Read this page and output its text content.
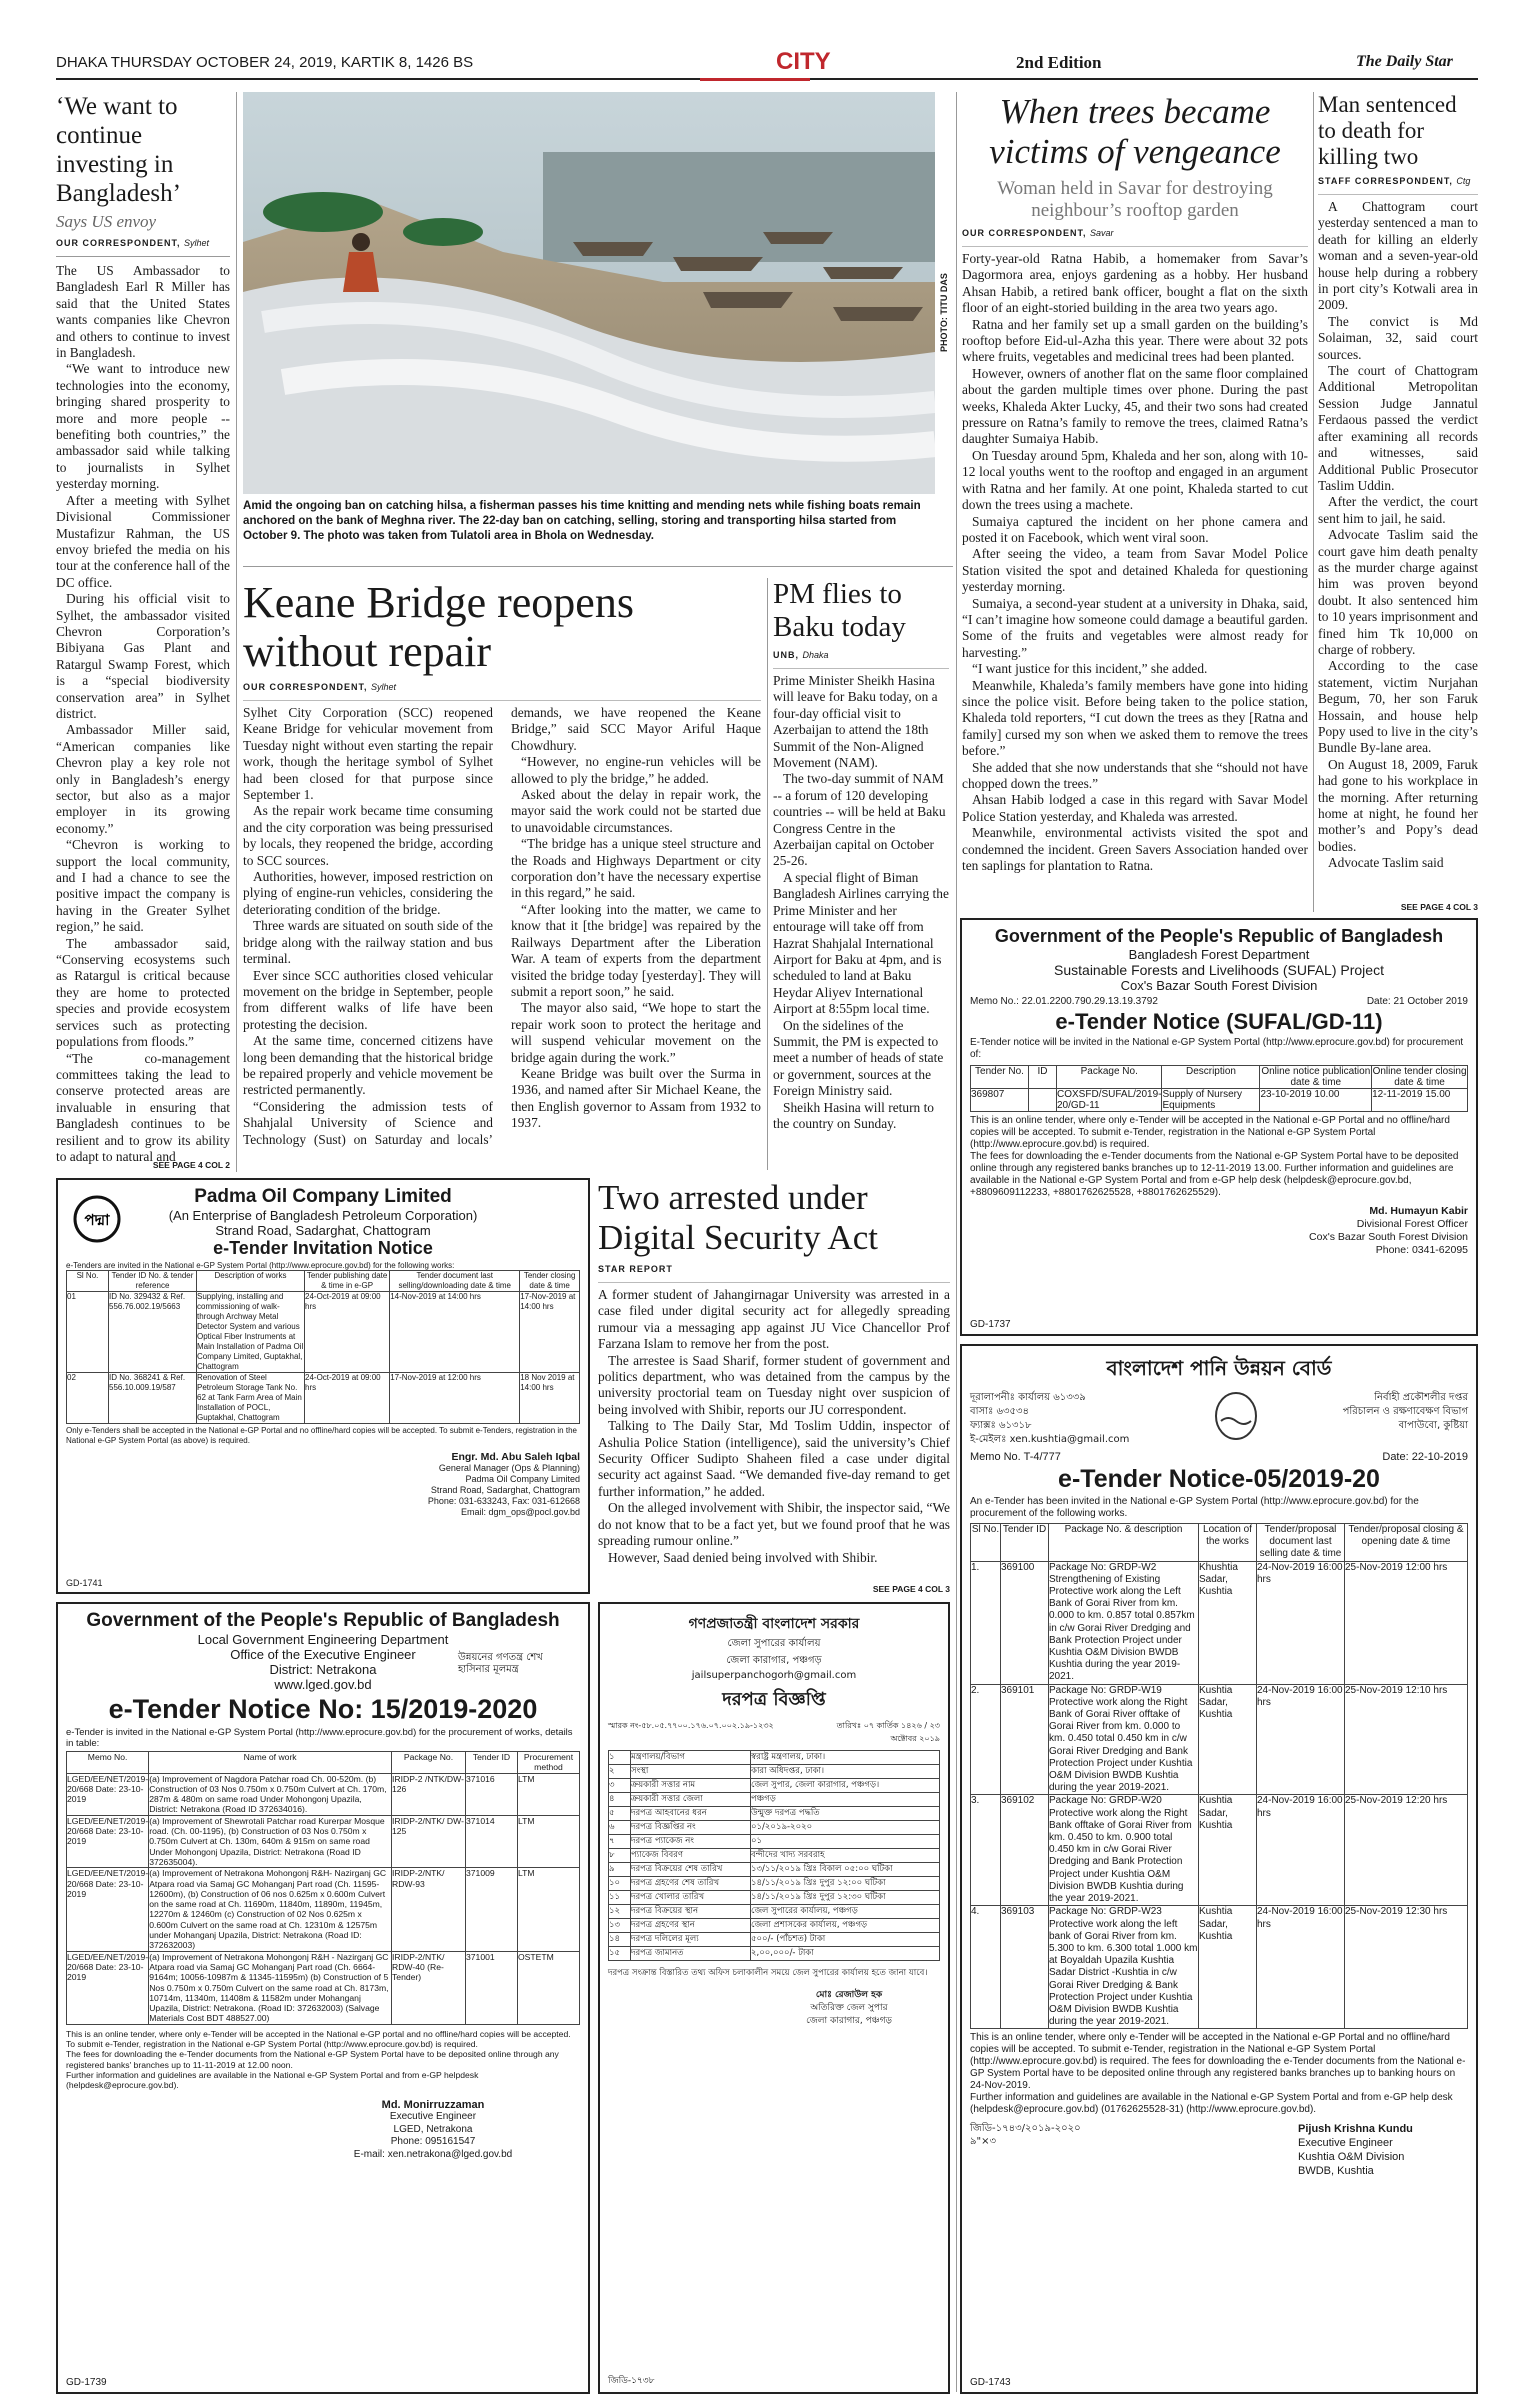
DHAKA THURSDAY OCTOBER 24, 2019, KARTIK 8, 1426 BS	CITY	2nd Edition	The Daily Star
‘We want to continue investing in Bangladesh’
Says US envoy
OUR CORRESPONDENT, Sylhet

The US Ambassador to Bangladesh Earl R Miller has said that the United States wants companies like Chevron and others to continue to invest in Bangladesh.

“We want to introduce new technologies into the economy, bringing shared prosperity to more and more people -- benefiting both countries,” the ambassador said while talking to journalists in Sylhet yesterday morning.

After a meeting with Sylhet Divisional Commissioner Mustafizur Rahman, the US envoy briefed the media on his tour at the conference hall of the DC office.

During his official visit to Sylhet, the ambassador visited Chevron Corporation’s Bibiyana Gas Plant and Ratargul Swamp Forest, which is a “special biodiversity conservation area” in Sylhet district.

Ambassador Miller said, “American companies like Chevron play a key role not only in Bangladesh’s energy sector, but also as a major employer in its growing economy.”

“Chevron is working to support the local community, and I had a chance to see the positive impact the company is having in the Greater Sylhet region,” he said.

The ambassador said, “Conserving ecosystems such as Ratargul is critical because they are home to protected species and provide ecosystem services such as protecting populations from floods.”

“The co-management committees taking the lead to conserve protected areas are invaluable in ensuring that Bangladesh continues to be resilient and to grow its ability to adapt to natural and

SEE PAGE 4 COL 2
PHOTO: TITU DAS
Amid the ongoing ban on catching hilsa, a fisherman passes his time knitting and mending nets while fishing boats remain anchored on the bank of Meghna river. The 22-day ban on catching, selling, storing and transporting hilsa started from October 9. The photo was taken from Tulatoli area in Bhola on Wednesday.
Keane Bridge reopens without repair
OUR CORRESPONDENT, Sylhet

Sylhet City Corporation (SCC) reopened Keane Bridge for vehicular movement from Tuesday night without even starting the repair work, though the heritage symbol of Sylhet had been closed for that purpose since September 1.

As the repair work became time consuming and the city corporation was being pressurised by locals, they reopened the bridge, according to SCC sources.

Authorities, however, imposed restriction on plying of engine-run vehicles, considering the deteriorating condition of the bridge.

Three wards are situated on south side of the bridge along with the railway station and bus terminal.

Ever since SCC authorities closed vehicular movement on the bridge in September, people from different walks of life have been protesting the decision.

At the same time, concerned citizens have long been demanding that the historical bridge be repaired properly and vehicle movement be restricted permanently.

“Considering the admission tests of Shahjalal University of Science and Technology (Sust) on Saturday and locals’ demands, we have reopened the Keane Bridge,” said SCC Mayor Ariful Haque Chowdhury.

“However, no engine-run vehicles will be allowed to ply the bridge,” he added.

Asked about the delay in repair work, the mayor said the work could not be started due to unavoidable circumstances.

“The bridge has a unique steel structure and the Roads and Highways Department or city corporation don’t have the necessary expertise in this regard,” he said.

“After looking into the matter, we came to know that it [the bridge] was repaired by the Railways Department after the Liberation War. A team of experts from the department visited the bridge today [yesterday]. They will submit a report soon,” he said.

The mayor also said, “We hope to start the repair work soon to protect the heritage and will suspend vehicular movement on the bridge again during the work.”

Keane Bridge was built over the Surma in 1936, and named after Sir Michael Keane, the then English governor to Assam from 1932 to 1937.

PM flies to Baku today
UNB, Dhaka

Prime Minister Sheikh Hasina will leave for Baku today, on a four-day official visit to Azerbaijan to attend the 18th Summit of the Non-Aligned Movement (NAM).

The two-day summit of NAM -- a forum of 120 developing countries -- will be held at Baku Congress Centre in the Azerbaijan capital on October 25-26.

A special flight of Biman Bangladesh Airlines carrying the Prime Minister and her entourage will take off from Hazrat Shahjalal International Airport for Baku at 4pm, and is scheduled to land at Baku Heydar Aliyev International Airport at 8:55pm local time.

On the sidelines of the Summit, the PM is expected to meet a number of heads of state or government, sources at the Foreign Ministry said.

Sheikh Hasina will return to the country on Sunday.

When trees became victims of vengeance
Woman held in Savar for destroying neighbour’s rooftop garden
OUR CORRESPONDENT, Savar

Forty-year-old Ratna Habib, a homemaker from Savar’s Dagormora area, enjoys gardening as a hobby. Her husband Ahsan Habib, a retired bank officer, bought a flat on the sixth floor of an eight-storied building in the area two years ago.

Ratna and her family set up a small garden on the building’s rooftop before Eid-ul-Azha this year. There were about 32 pots where fruits, vegetables and medicinal trees had been planted.

However, owners of another flat on the same floor complained about the garden multiple times over phone. During the past weeks, Khaleda Akter Lucky, 45, and their two sons had created pressure on Ratna’s family to remove the trees, claimed Ratna’s daughter Sumaiya Habib.

On Tuesday around 5pm, Khaleda and her son, along with 10-12 local youths went to the rooftop and engaged in an argument with Ratna and her family. At one point, Khaleda started to cut down the trees using a machete.

Sumaiya captured the incident on her phone camera and posted it on Facebook, which went viral soon.

After seeing the video, a team from Savar Model Police Station visited the spot and detained Khaleda for questioning yesterday morning.

Sumaiya, a second-year student at a university in Dhaka, said, “I can’t imagine how someone could damage a beautiful garden. Some of the fruits and vegetables were almost ready for harvesting.”

“I want justice for this incident,” she added.

Meanwhile, Khaleda’s family members have gone into hiding since the police visit. Before being taken to the police station, Khaleda told reporters, “I cut down the trees as they [Ratna and family] cursed my son when we asked them to remove the trees before.”

She added that she now understands that she “should not have chopped down the trees.”

Ahsan Habib lodged a case in this regard with Savar Model Police Station yesterday, and Khaleda was arrested.

Meanwhile, environmental activists visited the spot and condemned the incident. Green Savers Association handed over ten saplings for plantation to Ratna.

Man sentenced to death for killing two
STAFF CORRESPONDENT, Ctg

A Chattogram court yesterday sentenced a man to death for killing an elderly woman and a seven-year-old house help during a robbery in port city’s Kotwali area in 2009.

The convict is Md Solaiman, 32, said court sources.

The court of Chattogram Additional Metropolitan Session Judge Jannatul Ferdaous passed the verdict after examining all records and witnesses, said Additional Public Prosecutor Taslim Uddin.

After the verdict, the court sent him to jail, he said.

Advocate Taslim said the court gave him death penalty as the murder charge against him was proven beyond doubt. It also sentenced him to 10 years imprisonment and fined him Tk 10,000 on charge of robbery.

According to the case statement, victim Nurjahan Begum, 70, her son Faruk Hossain, and house help Popy used to live in the city’s Bundle By-lane area.

On August 18, 2009, Faruk had gone to his workplace in the morning. After returning home at night, he found her mother’s and Popy’s dead bodies.

Advocate Taslim said

SEE PAGE 4 COL 3
Government of the People's Republic of Bangladesh
Bangladesh Forest Department
Sustainable Forests and Livelihoods (SUFAL) Project
Cox's Bazar South Forest Division
Memo No.: 22.01.2200.790.29.13.19.3792	Date: 21 October 2019
e-Tender Notice (SUFAL/GD-11)
E-Tender notice will be invited in the National e-GP System Portal (http://www.eprocure.gov.bd) for procurement of:
Tender No.	ID	Package No.	Description	Online notice publication date & time	Online tender closing date & time
369807		COXSFD/SUFAL/2019-20/GD-11	Supply of Nursery Equipments	23-10-2019 10.00	12-11-2019 15.00
This is an online tender, where only e-Tender will be accepted in the National e-GP Portal and no offline/hard copies will be accepted. To submit e-Tender, registration in the National e-GP System Portal (http://www.eprocure.gov.bd) is required.
The fees for downloading the e-Tender documents from the National e-GP System Portal have to be deposited online through any registered banks branches up to 12-11-2019 13.00. Further information and guidelines are available in the National e-GP System Portal and from e-GP help desk (helpdesk@eprocure.gov.bd, +8809609112233, +8801762625528, +8801762625529).
Md. Humayun Kabir
Divisional Forest Officer
Cox's Bazar South Forest Division
Phone: 0341-62095
GD-1737
পদ্মা
Padma Oil Company Limited
(An Enterprise of Bangladesh Petroleum Corporation)
Strand Road, Sadarghat, Chattogram
e-Tender Invitation Notice
e-Tenders are invited in the National e-GP System Portal (http://www.eprocure.gov.bd) for the following works:
Sl No.	Tender ID No. & tender reference	Description of works	Tender publishing date & time in e-GP	Tender document last selling/downloading date & time	Tender closing date & time
01	ID No. 329432 & Ref. 556.76.002.19/5663	Supplying, installing and commissioning of walk-through Archway Metal Detector System and various Optical Fiber Instruments at Main Installation of Padma Oil Company Limited, Guptakhal, Chattogram	24-Oct-2019 at 09:00 hrs	14-Nov-2019 at 14:00 hrs	17-Nov-2019 at 14:00 hrs
02	ID No. 368241 & Ref. 556.10.009.19/587	Renovation of Steel Petroleum Storage Tank No. 62 at Tank Farm Area of Main Installation of POCL, Guptakhal, Chattogram	24-Oct-2019 at 09:00 hrs	17-Nov-2019 at 12:00 hrs	18 Nov 2019 at 14:00 hrs
Only e-Tenders shall be accepted in the National e-GP Portal and no offline/hard copies will be accepted. To submit e-Tenders, registration in the National e-GP System Portal (as above) is required.
Engr. Md. Abu Saleh Iqbal
General Manager (Ops & Planning)
Padma Oil Company Limited
Strand Road, Sadarghat, Chattogram
Phone: 031-633243, Fax: 031-612668
Email: dgm_ops@pocl.gov.bd
GD-1741
Two arrested under Digital Security Act
STAR REPORT

A former student of Jahangirnagar University was arrested in a case filed under digital security act for allegedly spreading rumour via a messaging app against JU Vice Chancellor Prof Farzana Islam to remove her from the post.

The arrestee is Saad Sharif, former student of government and politics department, who was detained from the campus by the university proctorial team on Tuesday night over suspicion of being involved with Shibir, reports our JU correspondent.

Talking to The Daily Star, Md Toslim Uddin, inspector of Ashulia Police Station (intelligence), said the university’s Chief Security Officer Sudipto Shaheen filed a case under digital security act against Saad. “We demanded five-day remand to get further information,” he added.

On the alleged involvement with Shibir, the inspector said, “We do not know that to be a fact yet, but we found proof that he was spreading rumour online.”

However, Saad denied being involved with Shibir.

SEE PAGE 4 COL 3
Government of the People's Republic of Bangladesh
Local Government Engineering Department
Office of the Executive Engineer
District: Netrakona
www.lged.gov.bd
উন্নয়নের গণতন্ত্র শেখ হাসিনার মূলমন্ত্র
e-Tender Notice No: 15/2019-2020
e-Tender is invited in the National e-GP System Portal (http://www.eprocure.gov.bd) for the procurement of works, details in table:
Memo No.	Name of work	Package No.	Tender ID	Procurement method
LGED/EE/NET/2019-20/668 Date: 23-10-2019	(a) Improvement of Nagdora Patchar road Ch. 00-520m. (b) Construction of 03 Nos 0.750m x 0.750m Culvert at Ch. 170m, 287m & 480m on same road Under Mohongonj Upazila, District: Netrakona (Road ID 372634016).	IRIDP-2 /NTK/DW-126	371016	LTM
LGED/EE/NET/2019-20/668 Date: 23-10-2019	(a) Improvement of Shewrotali Patchar road Kurerpar Mosque road. (Ch. 00-1195), (b) Construction of 03 Nos 0.750m x 0.750m Culvert at Ch. 130m, 640m & 915m on same road Under Mohongonj Upazila, District: Netrakona (Road ID 372635004).	IRIDP-2/NTK/ DW-125	371014	LTM
LGED/EE/NET/2019-20/668 Date: 23-10-2019	(a) Improvement of Netrakona Mohongonj R&H- Nazirganj GC Atpara road via Samaj GC Mohanganj Part road (Ch. 11595-12600m), (b) Construction of 06 nos 0.625m x 0.600m Culvert on the same road at Ch. 11690m, 11840m, 11890m, 11945m, 12270m & 12460m (c) Construction of 02 Nos 0.625m x 0.600m Culvert on the same road at Ch. 12310m & 12575m under Mohanganj Upazila, District: Netrakona (Road ID: 372632003)	IRIDP-2/NTK/ RDW-93	371009	LTM
LGED/EE/NET/2019-20/668 Date: 23-10-2019	(a) Improvement of Netrakona Mohongonj R&H - Nazirganj GC Atpara road via Samaj GC Mohanganj Part road (Ch. 6664- 9164m; 10056-10987m & 11345-11595m) (b) Construction of 5 Nos 0.750m x 0.750m Culvert on the same road at Ch. 8173m, 10714m, 11340m, 11408m & 11582m under Mohanganj Upazila, District: Netrakona. (Road ID: 372632003) (Salvage Materials Cost BDT 488527.00)	IRIDP-2/NTK/ RDW-40 (Re-Tender)	371001	OSTETM
This is an online tender, where only e-Tender will be accepted in the National e-GP portal and no offline/hard copies will be accepted.
To submit e-Tender, registration in the National e-GP System Portal (http://www.eprocure.gov.bd) is required.
The fees for downloading the e-Tender documents from the National e-GP System Portal have to be deposited online through any registered banks' branches up to 11-11-2019 at 12.00 noon.
Further information and guidelines are available in the National e-GP System Portal and from e-GP helpdesk (helpdesk@eprocure.gov.bd).
Md. Monirruzzaman
Executive Engineer
LGED, Netrakona
Phone: 095161547
E-mail: xen.netrakona@lged.gov.bd
GD-1739
গণপ্রজাতন্ত্রী বাংলাদেশ সরকার
জেলা সুপারের কার্যালয়
জেলা কারাগার, পঞ্চগড়
jailsuperpanchogorh@gmail.com
দরপত্র বিজ্ঞপ্তি
স্মারক নং-৫৮.০৫.৭৭০০.১৭৬.০৭.০০২.১৯-১২৩২	তারিখঃ ০৭ কার্তিক ১৪২৬ / ২৩ অক্টোবর ২০১৯
১	মন্ত্রণালয়/বিভাগ	স্বরাষ্ট্র মন্ত্রণালয়, ঢাকা।
২	সংস্থা	কারা অধিদপ্তর, ঢাকা।
৩	ক্রয়কারী সত্তার নাম	জেল সুপার, জেলা কারাগার, পঞ্চগড়।
৪	ক্রয়কারী সত্তার জেলা	পঞ্চগড়
৫	দরপত্র আহবানের ধরন	উন্মুক্ত দরপত্র পদ্ধতি
৬	দরপত্র বিজ্ঞপ্তির নং	০১/২০১৯-২০২০
৭	দরপত্র প্যাকেজ নং	০১
৮	প্যাকেজ বিবরণ	বন্দীদের খাদ্য সরবরাহ
৯	দরপত্র বিক্রয়ের শেষ তারিখ	১৩/১১/২০১৯ খ্রিঃ বিকাল ০৫:০০ ঘটিকা
১০	দরপত্র গ্রহণের শেষ তারিখ	১৪/১১/২০১৯ খ্রিঃ দুপুর ১২:০০ ঘটিকা
১১	দরপত্র খোলার তারিখ	১৪/১১/২০১৯ খ্রিঃ দুপুর ১২:৩০ ঘটিকা
১২	দরপত্র বিক্রয়ের স্থান	জেল সুপারের কার্যালয়, পঞ্চগড়
১৩	দরপত্র গ্রহণের স্থান	জেলা প্রশাসকের কার্যালয়, পঞ্চগড়
১৪	দরপত্র দলিলের মূল্য	৫০০/- (পাঁচশত) টাকা
১৫	দরপত্র জামানত	২,০০,০০০/- টাকা
দরপত্র সংক্রান্ত বিস্তারিত তথ্য অফিস চলাকালীন সময়ে জেল সুপারের কার্যালয় হতে জানা যাবে।
মোঃ রেজাউল হক
অতিরিক্ত জেল সুপার
জেলা কারাগার, পঞ্চগড়
জিডি-১৭৩৮
বাংলাদেশ পানি উন্নয়ন বোর্ড
দূরালাপনীঃ কার্যালয় ৬১৩৩৯
বাসাঃ ৬৩৫৩৪
ফ্যাক্সঃ ৬১৩১৮
ই-মেইলঃ xen.kushtia@gmail.com
নির্বাহী প্রকৌশলীর দপ্তর
পরিচালন ও রক্ষণাবেক্ষণ বিভাগ
বাপাউবো, কুষ্টিয়া
Memo No. T-4/777	Date: 22-10-2019
e-Tender Notice-05/2019-20
An e-Tender has been invited in the National e-GP System Portal (http://www.eprocure.gov.bd) for the procurement of the following works.
Sl No.	Tender ID	Package No. & description	Location of the works	Tender/proposal document last selling date & time	Tender/proposal closing & opening date & time
1.	369100	Package No: GRDP-W2 Strengthening of Existing Protective work along the Left Bank of Gorai River from km. 0.000 to km. 0.857 total 0.857km in c/w Gorai River Dredging and Bank Protection Project under Kushtia O&M Division BWDB Kushtia during the year 2019-2021.	Khushtia Sadar, Kushtia	24-Nov-2019 16:00 hrs	25-Nov-2019 12:00 hrs
2.	369101	Package No: GRDP-W19 Protective work along the Right Bank of Gorai River offtake of Gorai River from km. 0.000 to km. 0.450 total 0.450 km in c/w Gorai River Dredging and Bank Protection Project under Kushtia O&M Division BWDB Kushtia during the year 2019-2021.	Kushtia Sadar, Kushtia	24-Nov-2019 16:00 hrs	25-Nov-2019 12:10 hrs
3.	369102	Package No: GRDP-W20 Protective work along the Right Bank offtake of Gorai River from km. 0.450 to km. 0.900 total 0.450 km in c/w Gorai River Dredging and Bank Protection Project under Kushtia O&M Division BWDB Kushtia during the year 2019-2021.	Kushtia Sadar, Kushtia	24-Nov-2019 16:00 hrs	25-Nov-2019 12:20 hrs
4.	369103	Package No: GRDP-W23 Protective work along the left bank of Gorai River from km. 5.300 to km. 6.300 total 1.000 km at Boyaldah Upazila Kushtia Sadar District -Kushtia in c/w Gorai River Dredging & Bank Protection Project under Kushtia O&M Division BWDB Kushtia during the year 2019-2021.	Kushtia Sadar, Kushtia	24-Nov-2019 16:00 hrs	25-Nov-2019 12:30 hrs
This is an online tender, where only e-Tender will be accepted in the National e-GP Portal and no offline/hard copies will be accepted. To submit e-Tender, registration in the National e-GP System Portal (http://www.eprocure.gov.bd) is required. The fees for downloading the e-Tender documents from the National e-GP System Portal have to be deposited online through any registered banks branches up to banking hours on 24-Nov-2019.
Further information and guidelines are available in the National e-GP System Portal and from e-GP help desk (helpdesk@eprocure.gov.bd) (01762625528-31) (http://www.eprocure.gov.bd).
জিডি-১৭৪৩/২০১৯-২০২০
৯"×৩
Pijush Krishna Kundu
Executive Engineer
Kushtia O&M Division
BWDB, Kushtia
GD-1743
